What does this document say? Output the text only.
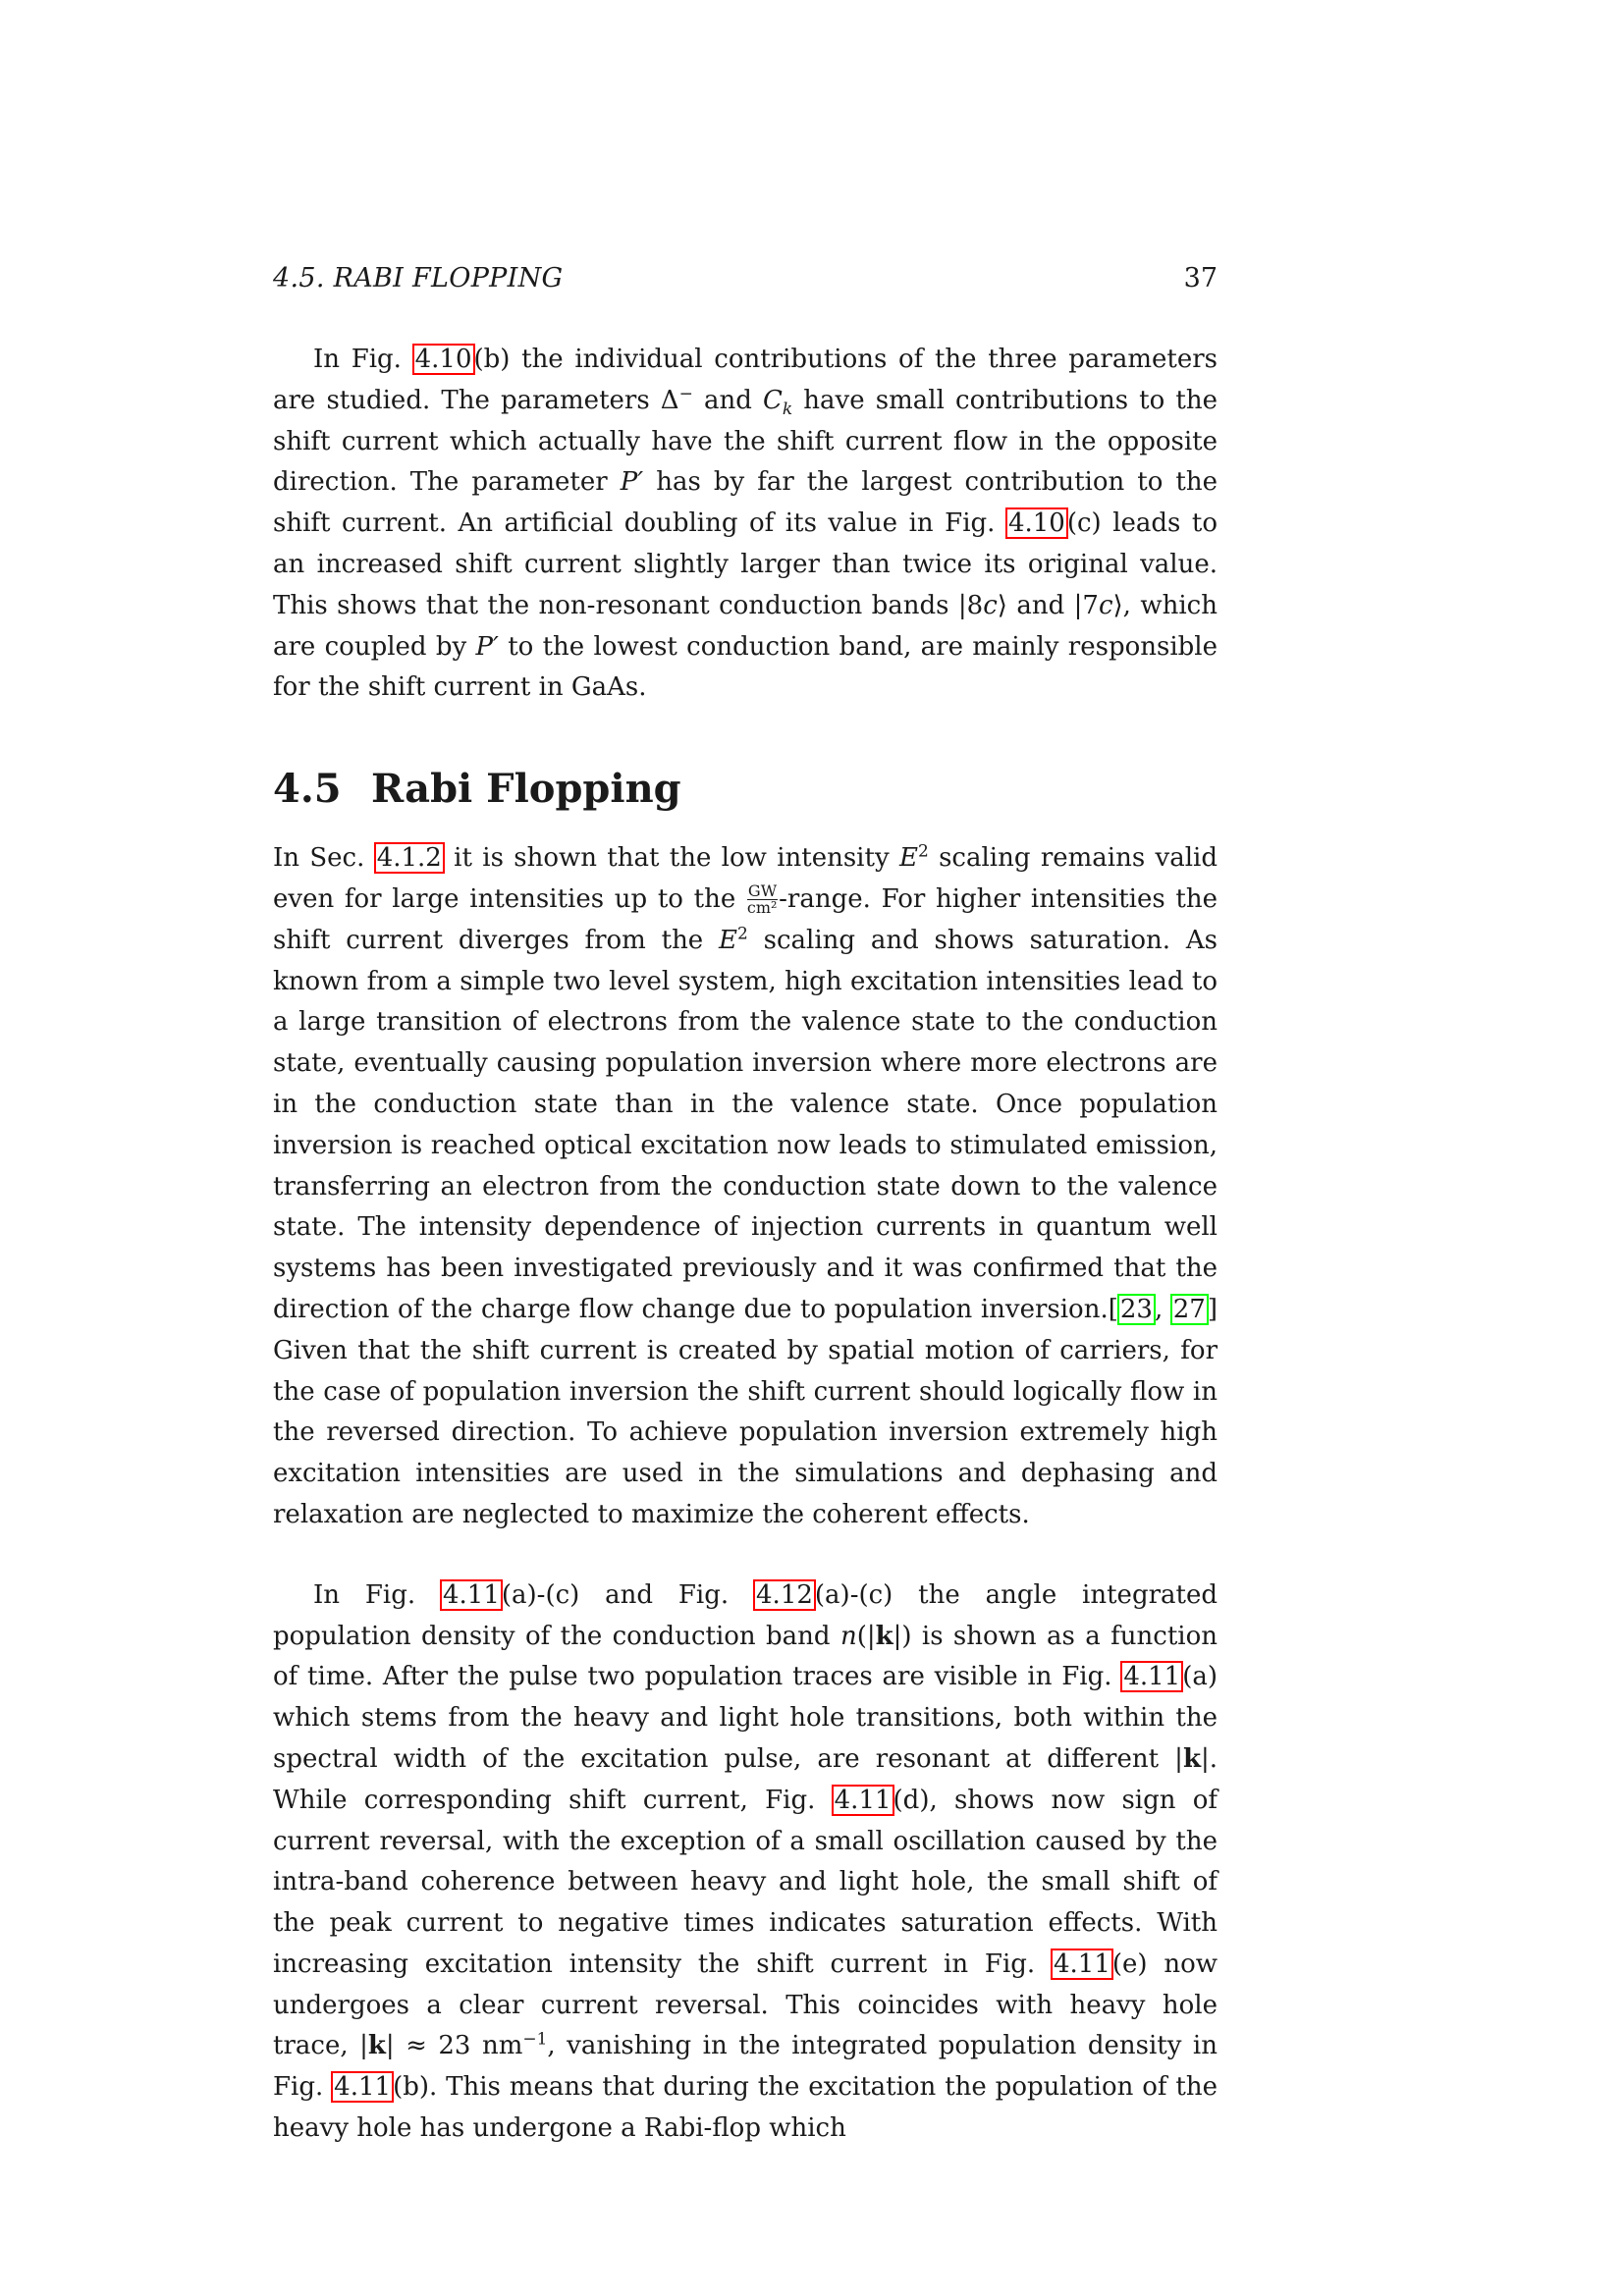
4.5. RABI FLOPPING	37

In Fig. 4.10(b) the individual contributions of the three parameters are studied. The parameters Δ− and $C_k$ have small contributions to the shift current which actually have the shift current flow in the opposite direction. The parameter P′ has by far the largest contribution to the shift current. An artificial doubling of its value in Fig. 4.10(c) leads to an increased shift current slightly larger than twice its original value. This shows that the non-resonant conduction bands |8c⟩ and |7c⟩, which are coupled by P′ to the lowest conduction band, are mainly responsible for the shift current in GaAs.

4.5 Rabi Flopping

In Sec. 4.1.2 it is shown that the low intensity $E^2$ scaling remains valid even for large intensities up to the $\frac{GW}{\text{cm²}}$ -range. For higher intensities the shift current diverges from the $E^2$ scaling and shows saturation. As known from a simple two level system, high excitation intensities lead to a large transition of electrons from the valence state to the conduction state, eventually causing population inversion where more electrons are in the conduction state than in the valence state. Once population inversion is reached optical excitation now leads to stimulated emission, transferring an electron from the conduction state down to the valence state. The intensity dependence of injection currents in quantum well systems has been investigated previously and it was confirmed that the direction of the charge flow change due to population inversion.[23, 27] Given that the shift current is created by spatial motion of carriers, for the case of population inversion the shift current should logically flow in the reversed direction. To achieve population inversion extremely high excitation intensities are used in the simulations and dephasing and relaxation are neglected to maximize the coherent effects.

In Fig. 4.11(a)-(c) and Fig. 4.12(a)-(c) the angle integrated population density of the conduction band n(|k|) is shown as a function of time. After the pulse two population traces are visible in Fig. 4.11(a) which stems from the heavy and light hole transitions, both within the spectral width of the excitation pulse, are resonant at different |k|. While corresponding shift current, Fig. 4.11(d), shows now sign of current reversal, with the exception of a small oscillation caused by the intra-band coherence between heavy and light hole, the small shift of the peak current to negative times indicates saturation effects. With increasing excitation intensity the shift current in Fig. 4.11(e) now undergoes a clear current reversal. This coincides with heavy hole trace, |k| ≈ 23 $nm^{-1}$, vanishing in the integrated population density in Fig. 4.11(b). This means that during the excitation the population of the heavy hole has undergone a Rabi-flop which
